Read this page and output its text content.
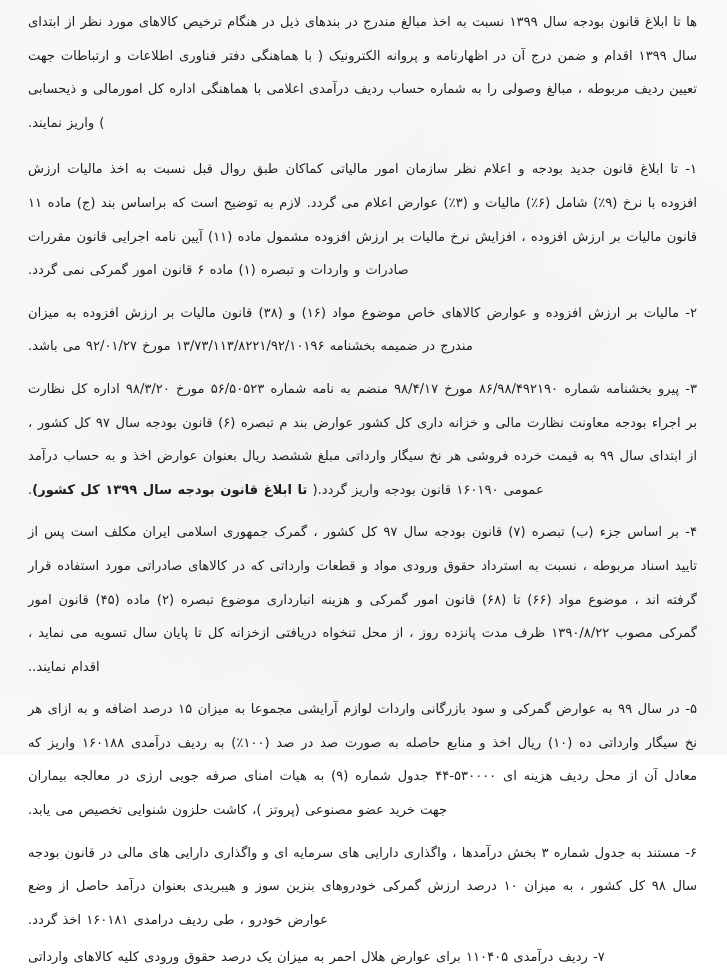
ها تا ابلاغ قانون بودجه سال ۱۳۹۹ نسبت به اخذ مبالغ مندرج در بندهای ذیل در هنگام ترخیص کالاهای مورد نظر از ابتدای سال ۱۳۹۹ اقدام و ضمن درج آن در اظهارنامه و پروانه الکترونیک ( با هماهنگی دفتر فناوری اطلاعات و ارتباطات جهت تعیین ردیف مربوطه ، مبالغ وصولی را به شماره حساب ردیف درآمدی اعلامی با هماهنگی اداره کل امورمالی و ذیحسابی ) واریز نمایند.

۱- تا ابلاغ قانون جدید بودجه و اعلام نظر سازمان امور مالیاتی کماکان طبق روال قبل نسبت به اخذ مالیات ارزش افزوده با نرخ (۹٪) شامل (۶٪) مالیات و (۳٪) عوارض اعلام می گردد. لازم به توضیح است که براساس بند (ج) ماده ۱۱ قانون مالیات بر ارزش افزوده ، افزایش نرخ مالیات بر ارزش افزوده مشمول ماده (۱۱) آیین نامه اجرایی قانون مقررات صادرات و واردات و تبصره (۱) ماده ۶ قانون امور گمرکی نمی گردد.

۲- مالیات بر ارزش افزوده و عوارض کالاهای خاص موضوع مواد (۱۶) و (۳۸) قانون مالیات بر ارزش افزوده به میزان مندرج در ضمیمه بخشنامه ۱۳/۷۳/۱۱۳/۸۲۲۱/۹۲/۱۰۱۹۶ مورخ ۹۲/۰۱/۲۷ می باشد.

۳- پیرو بخشنامه شماره ۸۶/۹۸/۴۹۲۱۹۰ مورخ ۹۸/۴/۱۷ منضم به نامه شماره ۵۶/۵۰۵۲۳ مورخ ۹۸/۳/۲۰ اداره کل نظارت بر اجراء بودجه معاونت نظارت مالی و خزانه داری کل کشور عوارض بند م تبصره (۶) قانون بودجه سال ۹۷ کل کشور ، از ابتدای سال ۹۹ به قیمت خرده فروشی هر نخ سیگار وارداتی مبلغ ششصد ریال بعنوان عوارض اخذ و به حساب درآمد عمومی ۱۶۰۱۹۰ قانون بودجه واریز گردد.( تا ابلاغ قانون بودجه سال ۱۳۹۹ کل کشور).

۴- بر اساس جزء (ب) تبصره (۷) قانون بودجه سال ۹۷ کل کشور ، گمرک جمهوری اسلامی ایران مکلف است پس از تایید اسناد مربوطه ، نسبت به استرداد حقوق ورودی مواد و قطعات وارداتی که در کالاهای صادراتی مورد استفاده قرار گرفته اند ، موضوع مواد (۶۶) تا (۶۸) قانون امور گمرکی و هزینه انبارداری موضوع تبصره (۲) ماده (۴۵) قانون امور گمرکی مصوب ۱۳۹۰/۸/۲۲ ظرف مدت پانزده روز ، از محل تنخواه دریافتی ازخزانه کل تا پایان سال تسویه می نماید ، اقدام نمایند..

۵- در سال ۹۹ به عوارض گمرکی و سود بازرگانی واردات لوازم آرایشی مجموعا به میزان ۱۵ درصد اضافه و به ازای هر نخ سیگار وارداتی ده (۱۰) ریال اخذ و منابع حاصله به صورت صد در صد (۱۰۰٪) به ردیف درآمدی ۱۶۰۱۸۸ واریز که معادل آن از محل ردیف هزینه ای ۵۳۰۰۰۰-۴۴ جدول شماره (۹) به هیات امنای صرفه جویی ارزی در معالجه بیماران جهت خرید عضو مصنوعی (پروتز )، کاشت حلزون شنوایی تخصیص می یابد.

۶- مستند به جدول شماره ۳ بخش درآمدها ، واگذاری دارایی های سرمایه ای و واگذاری دارایی های مالی در قانون بودجه سال ۹۸ کل کشور ، به میزان ۱۰ درصد ارزش گمرکی خودروهای بنزین سوز و هیبریدی بعنوان درآمد حاصل از وضع عوارض خودرو ، طی ردیف درامدی ۱۶۰۱۸۱ اخذ گردد.

۷- ردیف درآمدی ۱۱۰۴۰۵ برای عوارض هلال احمر به میزان یک درصد حقوق ورودی کلیه کالاهای وارداتی
